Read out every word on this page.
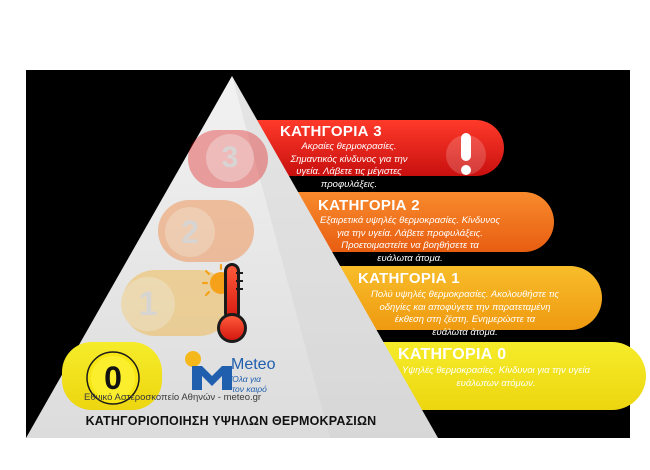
3
2
1
0
ΚΑΤΗΓΟΡΙΑ 3
Ακραίες θερμοκρασίες.
Σημαντικός κίνδυνος για την
υγεία. Λάβετε τις μέγιστες
προφυλάξεις.
ΚΑΤΗΓΟΡΙΑ 2
Εξαιρετικά υψηλές θερμοκρασίες. Κίνδυνος
για την υγεία. Λάβετε προφυλάξεις.
Προετοιμαστείτε να βοηθήσετε τα
ευάλωτα άτομα.
ΚΑΤΗΓΟΡΙΑ 1
Πολύ υψηλές θερμοκρασίες. Ακολουθήστε τις
οδηγίες και αποφύγετε την παρατεταμένη
έκθεση στη ζέστη. Ενημερώστε τα
ευάλωτα άτομα.
ΚΑΤΗΓΟΡΙΑ 0
Υψηλές θερμοκρασίες. Κίνδυνοι για την υγεία
ευάλωτων ατόμων.
Meteo
Όλα για
τον καιρό
Εθνικό Αστεροσκοπείο Αθηνών - meteo.gr
ΚΑΤΗΓΟΡΙΟΠΟΙΗΣΗ ΥΨΗΛΩΝ ΘΕΡΜΟΚΡΑΣΙΩΝ
